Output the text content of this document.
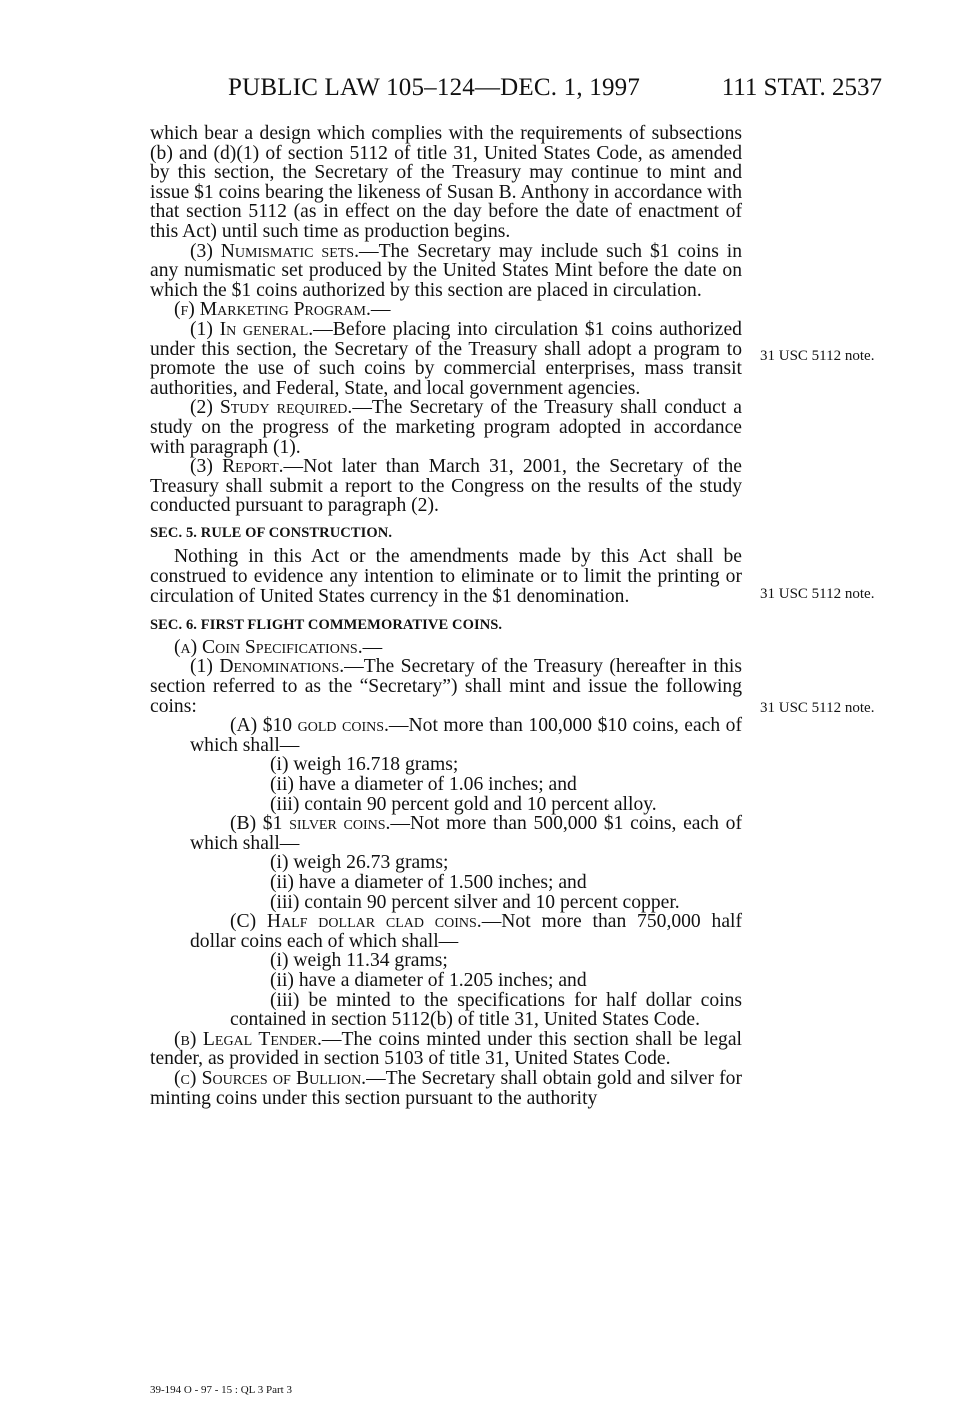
PUBLIC LAW 105–124—DEC. 1, 1997	111 STAT. 2537
31 USC 5112 note.
31 USC 5112 note.
31 USC 5112 note.

which bear a design which complies with the requirements of subsections (b) and (d)(1) of section 5112 of title 31, United States Code, as amended by this section, the Secretary of the Treasury may continue to mint and issue $1 coins bearing the likeness of Susan B. Anthony in accordance with that section 5112 (as in effect on the day before the date of enactment of this Act) until such time as production begins.

(3) Numismatic sets.—The Secretary may include such $1 coins in any numismatic set produced by the United States Mint before the date on which the $1 coins authorized by this section are placed in circulation.

(f) Marketing Program.—

(1) In general.—Before placing into circulation $1 coins authorized under this section, the Secretary of the Treasury shall adopt a program to promote the use of such coins by commercial enterprises, mass transit authorities, and Federal, State, and local government agencies.

(2) Study required.—The Secretary of the Treasury shall conduct a study on the progress of the marketing program adopted in accordance with paragraph (1).

(3) Report.—Not later than March 31, 2001, the Secretary of the Treasury shall submit a report to the Congress on the results of the study conducted pursuant to paragraph (2).

SEC. 5. RULE OF CONSTRUCTION.

Nothing in this Act or the amendments made by this Act shall be construed to evidence any intention to eliminate or to limit the printing or circulation of United States currency in the $1 denomination.

SEC. 6. FIRST FLIGHT COMMEMORATIVE COINS.

(a) Coin Specifications.—

(1) Denominations.—The Secretary of the Treasury (hereafter in this section referred to as the “Secretary”) shall mint and issue the following coins:

(A) $10 gold coins.—Not more than 100,000 $10 coins, each of which shall—

(i) weigh 16.718 grams;

(ii) have a diameter of 1.06 inches; and

(iii) contain 90 percent gold and 10 percent alloy.

(B) $1 silver coins.—Not more than 500,000 $1 coins, each of which shall—

(i) weigh 26.73 grams;

(ii) have a diameter of 1.500 inches; and

(iii) contain 90 percent silver and 10 percent copper.

(C) Half dollar clad coins.—Not more than 750,000 half dollar coins each of which shall—

(i) weigh 11.34 grams;

(ii) have a diameter of 1.205 inches; and

(iii) be minted to the specifications for half dollar coins contained in section 5112(b) of title 31, United States Code.

(b) Legal Tender.—The coins minted under this section shall be legal tender, as provided in section 5103 of title 31, United States Code.

(c) Sources of Bullion.—The Secretary shall obtain gold and silver for minting coins under this section pursuant to the authority

39-194 O - 97 - 15 : QL 3 Part 3
